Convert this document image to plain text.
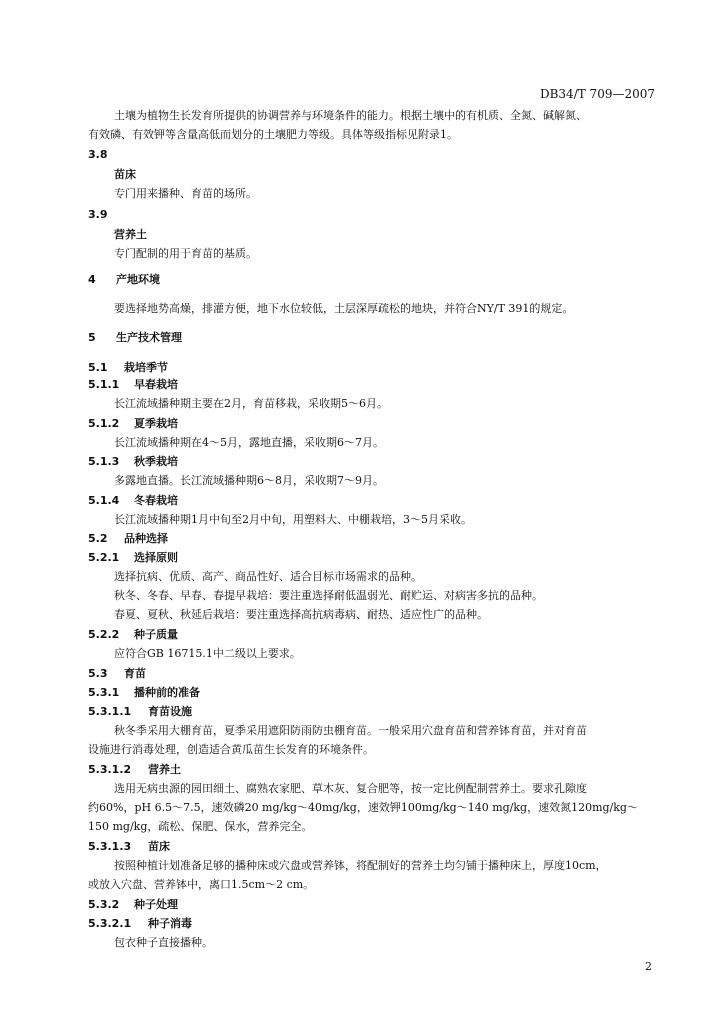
DB34/T 709—2007
土壤为植物生长发育所提供的协调营养与环境条件的能力。根据土壤中的有机质、全氮、碱解氮、
有效磷、有效钾等含量高低而划分的土壤肥力等级。具体等级指标见附录1。
3.8
苗床
专门用来播种、育苗的场所。
3.9
营养土
专门配制的用于育苗的基质。
4 产地环境
要选择地势高燥，排灌方便，地下水位较低，土层深厚疏松的地块，并符合NY/T 391的规定。
5 生产技术管理
5.1 栽培季节
5.1.1 早春栽培
长江流域播种期主要在2月，育苗移栽，采收期5～6月。
5.1.2 夏季栽培
长江流域播种期在4～5月，露地直播，采收期6～7月。
5.1.3 秋季栽培
多露地直播。长江流域播种期6～8月，采收期7～9月。
5.1.4 冬春栽培
长江流域播种期1月中旬至2月中旬，用塑料大、中棚栽培，3～5月采收。
5.2 品种选择
5.2.1 选择原则
选择抗病、优质、高产、商品性好、适合目标市场需求的品种。
秋冬、冬春、早春、春提早栽培：要注重选择耐低温弱光、耐贮运、对病害多抗的品种。
春夏、夏秋、秋延后栽培：要注重选择高抗病毒病、耐热、适应性广的品种。
5.2.2 种子质量
应符合GB 16715.1中二级以上要求。
5.3 育苗
5.3.1 播种前的准备
5.3.1.1 育苗设施
秋冬季采用大棚育苗，夏季采用遮阳防雨防虫棚育苗。一般采用穴盘育苗和营养钵育苗，并对育苗
设施进行消毒处理，创造适合黄瓜苗生长发育的环境条件。
5.3.1.2 营养土
选用无病虫源的园田细土、腐熟农家肥、草木灰、复合肥等，按一定比例配制营养土。要求孔隙度
约60%，pH 6.5～7.5，速效磷20 mg/kg～40mg/kg，速效钾100mg/kg～140 mg/kg，速效氮120mg/kg～
150 mg/kg，疏松、保肥、保水，营养完全。
5.3.1.3 苗床
按照种植计划准备足够的播种床或穴盘或营养钵，将配制好的营养土均匀铺于播种床上，厚度10cm，
或放入穴盘、营养钵中，离口1.5cm～2 cm。
5.3.2 种子处理
5.3.2.1 种子消毒
包衣种子直接播种。
2
